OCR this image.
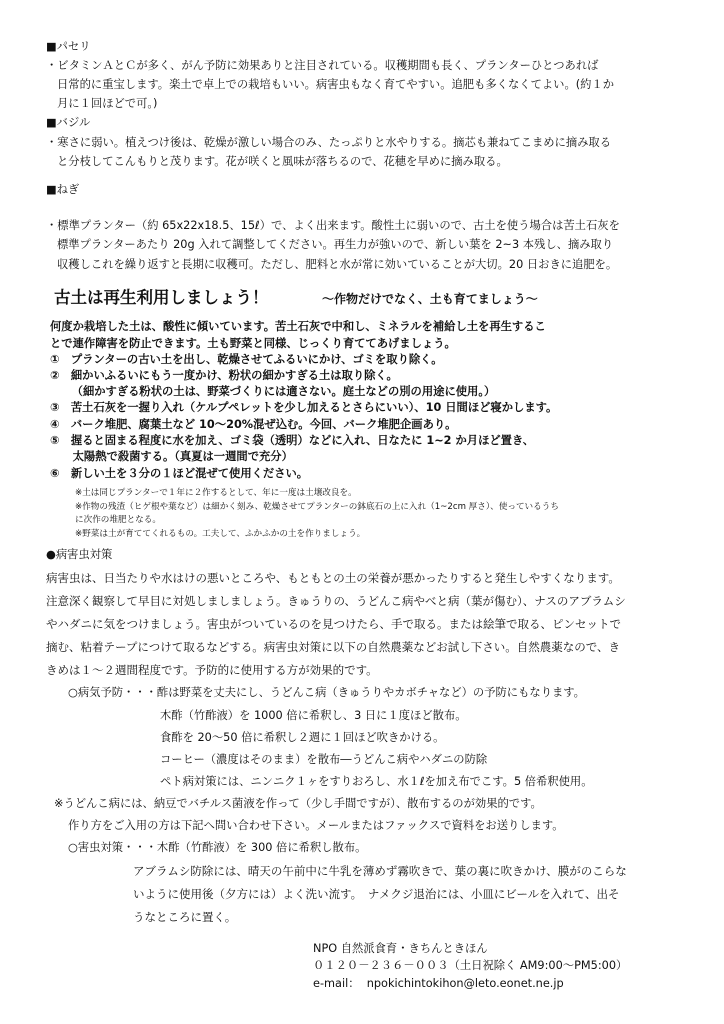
■パセリ
・ビタミンＡとＣが多く、がん予防に効果ありと注目されている。収穫期間も長く、プランターひとつあれば
日常的に重宝します。楽土で卓上での栽培もいい。病害虫もなく育てやすい。追肥も多くなくてよい。(約１か
月に１回ほどで可。)
■バジル
・寒さに弱い。植えつけ後は、乾燥が激しい場合のみ、たっぷりと水やりする。摘芯も兼ねてこまめに摘み取る
と分枝してこんもりと茂ります。花が咲くと風味が落ちるので、花穂を早めに摘み取る。
■ねぎ
・標準プランター（約 65x22x18.5、15ℓ）で、よく出来ます。酸性土に弱いので、古土を使う場合は苦土石灰を
標準プランターあたり 20g 入れて調整してください。再生力が強いので、新しい葉を 2~3 本残し、摘み取り
収穫しこれを繰り返すと長期に収穫可。ただし、肥料と水が常に効いていることが大切。20 日おきに追肥を。
古土は再生利用しましょう！	～作物だけでなく、土も育てましょう～
何度か栽培した土は、酸性に傾いています。苦土石灰で中和し、ミネラルを補給し土を再生するこ
とで連作障害を防止できます。土も野菜と同様、じっくり育ててあげましょう。
①　プランターの古い土を出し、乾燥させてふるいにかけ、ゴミを取り除く。
②　細かいふるいにもう一度かけ、粉状の細かすぎる土は取り除く。
　（細かすぎる粉状の土は、野菜づくりには適さない。庭土などの別の用途に使用。）
③　苦土石灰を一握り入れ（ケルプペレットを少し加えるとさらにいい）、10 日間ほど寝かします。
④　バーク堆肥、腐葉土など 10～20%混ぜ込む。今回、バーク堆肥企画あり。
⑤　握ると固まる程度に水を加え、ゴミ袋（透明）などに入れ、日なたに 1~2 か月ほど置き、
　　太陽熱で殺菌する。（真夏は一週間で充分）
⑥　新しい土を３分の１ほど混ぜて使用ください。
※土は同じプランターで１年に２作するとして、年に一度は土壌改良を。
※作物の残渣（ヒゲ根や葉など）は細かく刻み、乾燥させてプランターの鉢底石の上に入れ（1~2cm 厚さ）、使っているうち
に次作の堆肥となる。
※野菜は土が育ててくれるもの。工夫して、ふかふかの土を作りましょう。
●病害虫対策
病害虫は、日当たりや水はけの悪いところや、もともとの土の栄養が悪かったりすると発生しやすくなります。
注意深く観察して早目に対処しましましょう。きゅうりの、うどんこ病やべと病（葉が傷む）、ナスのアブラムシ
やハダニに気をつけましょう。害虫がついているのを見つけたら、手で取る。または絵筆で取る、ピンセットで
摘む、粘着テープにつけて取るなどする。病害虫対策に以下の自然農薬などお試し下さい。自然農薬なので、き
きめは１～２週間程度です。予防的に使用する方が効果的です。
○病気予防・・・酢は野菜を丈夫にし、うどんこ病（きゅうりやカボチャなど）の予防にもなります。
木酢（竹酢液）を 1000 倍に希釈し、3 日に１度ほど散布。
食酢を 20～50 倍に希釈し２週に１回ほど吹きかける。
コーヒー（濃度はそのまま）を散布―うどんこ病やハダニの防除
ペト病対策には、ニンニク１ヶをすりおろし、水１ℓを加え布でこす。5 倍希釈使用。
※うどんこ病には、納豆でバチルス菌液を作って（少し手間ですが）、散布するのが効果的です。
作り方をご入用の方は下記へ問い合わせ下さい。メールまたはファックスで資料をお送りします。
○害虫対策・・・木酢（竹酢液）を 300 倍に希釈し散布。
アブラムシ防除には、晴天の午前中に牛乳を薄めず霧吹きで、葉の裏に吹きかけ、膜がのこらな
いように使用後（夕方には）よく洗い流す。　ナメクジ退治には、小皿にビールを入れて、出そ
うなところに置く。
NPO 自然派食育・きちんときほん
０１２０－２３６－００３（土日祝除く AM9:00～PM5:00）
e-mail： npokichintokihon@leto.eonet.ne.jp
